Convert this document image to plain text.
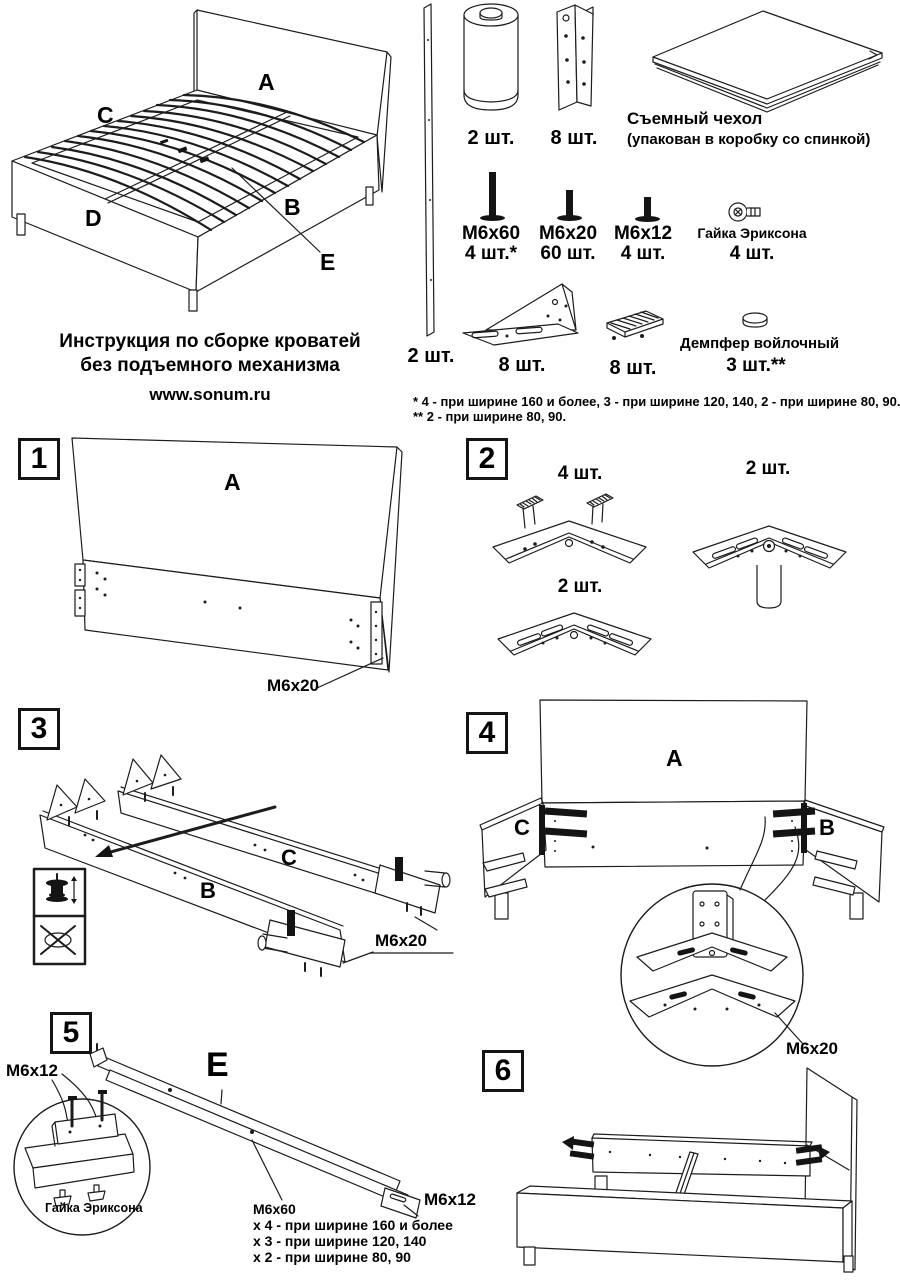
A
C
D	B
E
Инструкция по сборке кроватей
без подъемного механизма
www.sonum.ru
2 шт.
2 шт.	8 шт.
Съемный чехол
(упакован в коробку со спинкой)
M6x60
4 шт.*
M6x20
60 шт.
M6x12
4 шт.
Гайка Эриксона
4 шт.
8 шт.	8 шт.
Демпфер войлочный
3 шт.**
* 4 - при ширине 160 и более, 3 - при ширине 120, 140, 2 - при ширине 80, 90.
** 2 - при ширине 80, 90.
1
A
M6x20
2	4 шт.	2 шт.
2 шт.
3
C
B
M6x20
4
A
C	B
M6x20
5
E
M6x12
M6x12
Гайка Эриксона	M6x60
x 4 - при ширине 160 и более
x 3 - при ширине 120, 140
x 2 - при ширине 80, 90
6
